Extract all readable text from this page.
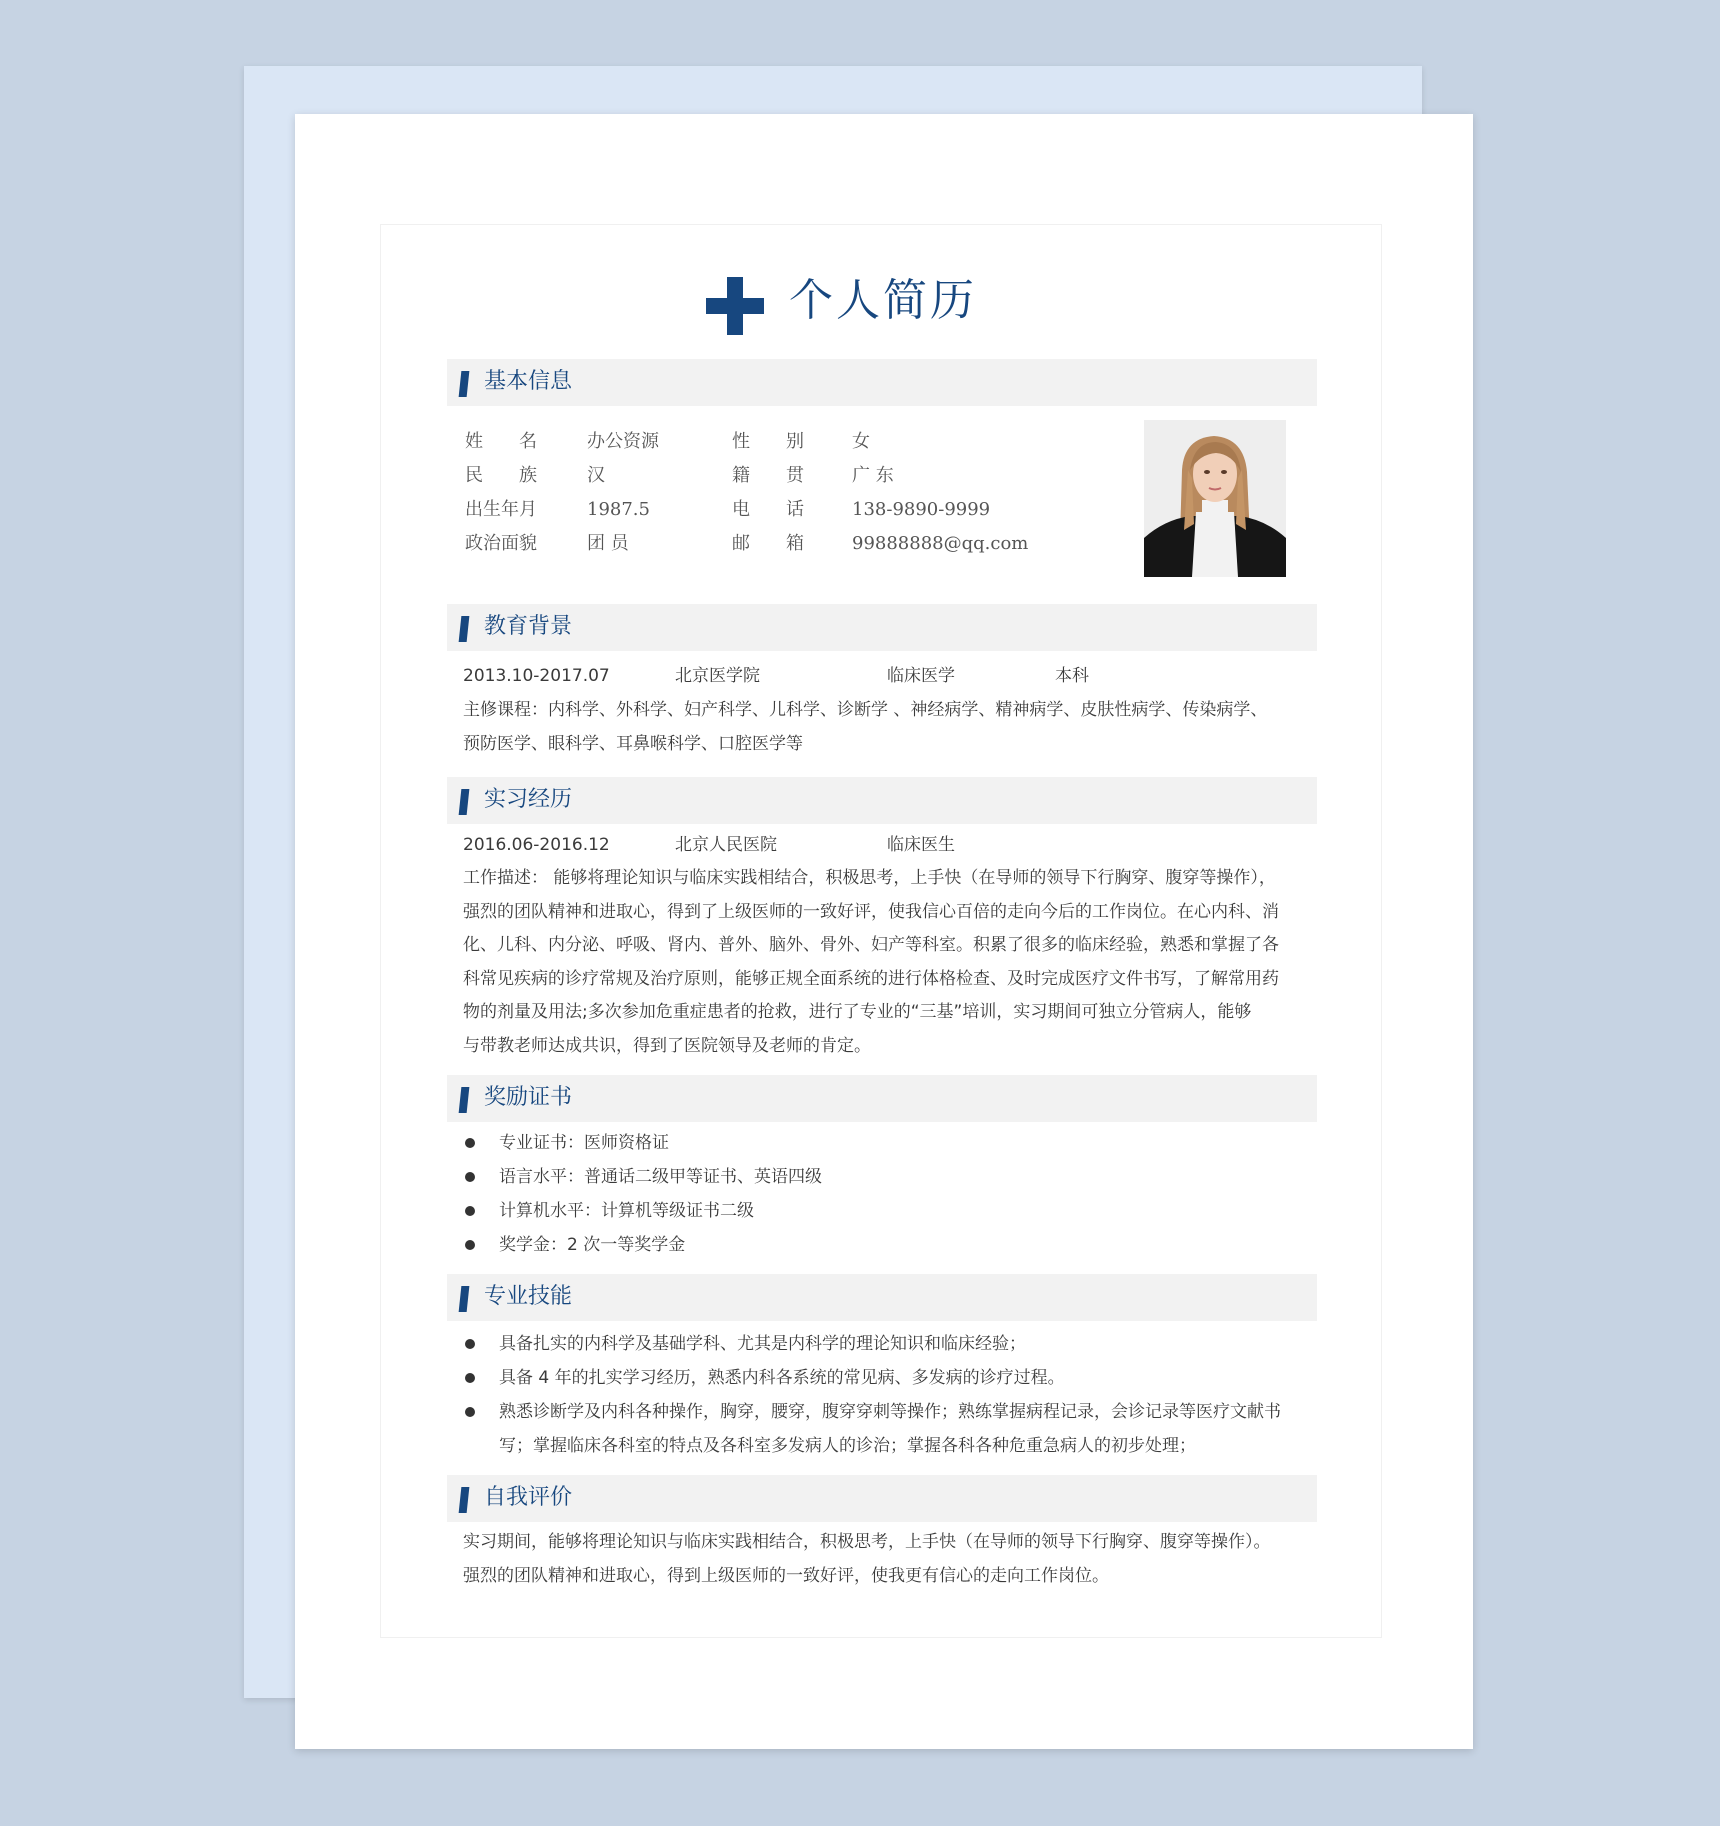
个人简历
基本信息
姓　　名	办公资源	性　　别	女
民　　族	汉	籍　　贯	广 东
出生年月	1987.5	电　　话	138-9890-9999
政治面貌	团 员	邮　　箱	99888888@qq.com
教育背景
2013.10-2017.07	北京医学院	临床医学	本科
主修课程：内科学、外科学、妇产科学、儿科学、诊断学 、神经病学、精神病学、皮肤性病学、传染病学、
预防医学、眼科学、耳鼻喉科学、口腔医学等
实习经历
2016.06-2016.12	北京人民医院	临床医生
工作描述： 能够将理论知识与临床实践相结合，积极思考，上手快（在导师的领导下行胸穿、腹穿等操作），
强烈的团队精神和进取心，得到了上级医师的一致好评，使我信心百倍的走向今后的工作岗位。在心内科、消
化、儿科、内分泌、呼吸、肾内、普外、脑外、骨外、妇产等科室。积累了很多的临床经验，熟悉和掌握了各
科常见疾病的诊疗常规及治疗原则，能够正规全面系统的进行体格检查、及时完成医疗文件书写，了解常用药
物的剂量及用法;多次参加危重症患者的抢救，进行了专业的“三基”培训，实习期间可独立分管病人，能够
与带教老师达成共识，得到了医院领导及老师的肯定。
奖励证书
专业证书：医师资格证
语言水平：普通话二级甲等证书、英语四级
计算机水平：计算机等级证书二级
奖学金：2 次一等奖学金
专业技能
具备扎实的内科学及基础学科、尤其是内科学的理论知识和临床经验；
具备 4 年的扎实学习经历，熟悉内科各系统的常见病、多发病的诊疗过程。
熟悉诊断学及内科各种操作，胸穿，腰穿，腹穿穿刺等操作；熟练掌握病程记录，会诊记录等医疗文献书
写；掌握临床各科室的特点及各科室多发病人的诊治；掌握各科各种危重急病人的初步处理；
自我评价
实习期间，能够将理论知识与临床实践相结合，积极思考，上手快（在导师的领导下行胸穿、腹穿等操作）。
强烈的团队精神和进取心，得到上级医师的一致好评，使我更有信心的走向工作岗位。
